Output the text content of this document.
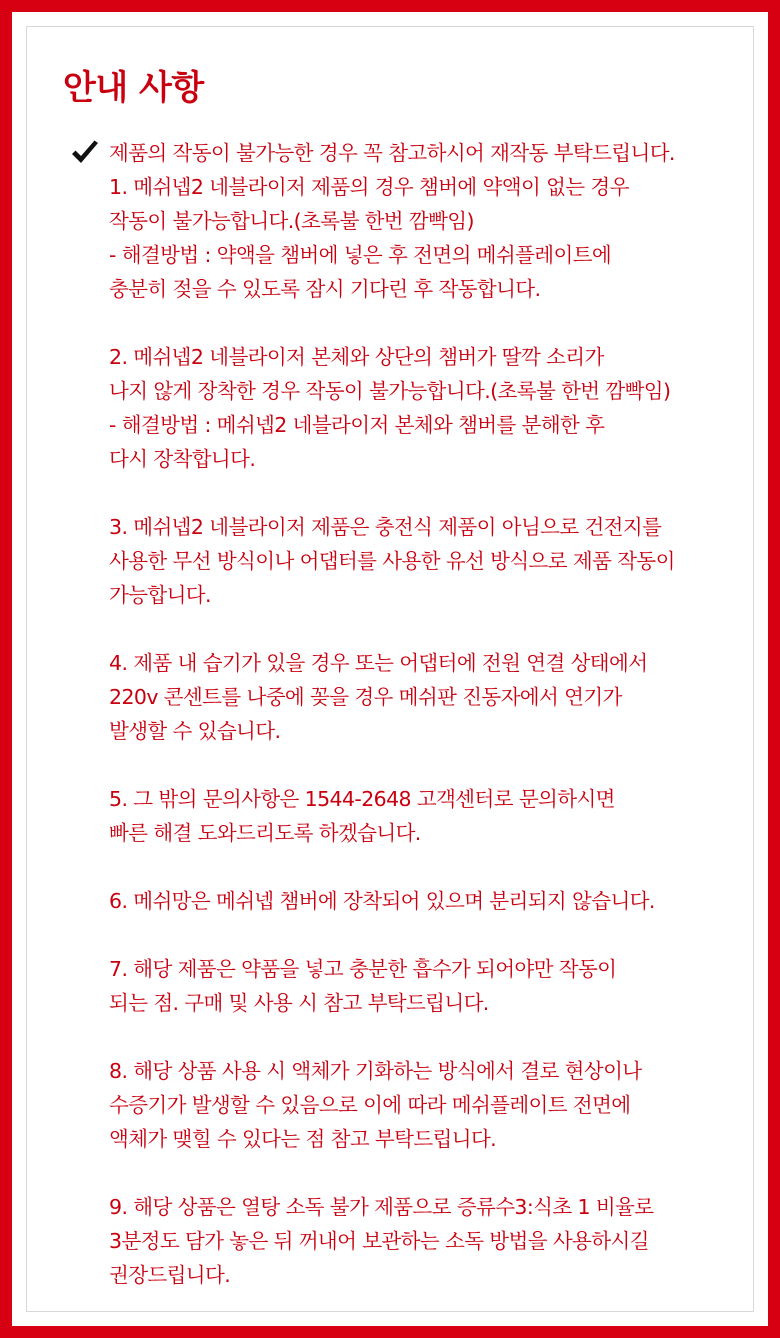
안내 사항
제품의 작동이 불가능한 경우 꼭 참고하시어 재작동 부탁드립니다.
1. 메쉬넵2 네블라이저 제품의 경우 챔버에 약액이 없는 경우
작동이 불가능합니다.(초록불 한번 깜빡임)
- 해결방법 : 약액을 챔버에 넣은 후 전면의 메쉬플레이트에
충분히 젖을 수 있도록 잠시 기다린 후 작동합니다.
2. 메쉬넵2 네블라이저 본체와 상단의 챔버가 딸깍 소리가
나지 않게 장착한 경우 작동이 불가능합니다.(초록불 한번 깜빡임)
- 해결방법 : 메쉬넵2 네블라이저 본체와 챔버를 분해한 후
다시 장착합니다.
3. 메쉬넵2 네블라이저 제품은 충전식 제품이 아님으로 건전지를
사용한 무선 방식이나 어댑터를 사용한 유선 방식으로 제품 작동이
가능합니다.
4. 제품 내 습기가 있을 경우 또는 어댑터에 전원 연결 상태에서
220v 콘센트를 나중에 꽂을 경우 메쉬판 진동자에서 연기가
발생할 수 있습니다.
5. 그 밖의 문의사항은 1544-2648 고객센터로 문의하시면
빠른 해결 도와드리도록 하겠습니다.
6. 메쉬망은 메쉬넵 챔버에 장착되어 있으며 분리되지 않습니다.
7. 해당 제품은 약품을 넣고 충분한 흡수가 되어야만 작동이
되는 점. 구매 및 사용 시 참고 부탁드립니다.
8. 해당 상품 사용 시 액체가 기화하는 방식에서 결로 현상이나
수증기가 발생할 수 있음으로 이에 따라 메쉬플레이트 전면에
액체가 맺힐 수 있다는 점 참고 부탁드립니다.
9. 해당 상품은 열탕 소독 불가 제품으로 증류수3:식초 1 비율로
3분정도 담가 놓은 뒤 꺼내어 보관하는 소독 방법을 사용하시길
권장드립니다.
